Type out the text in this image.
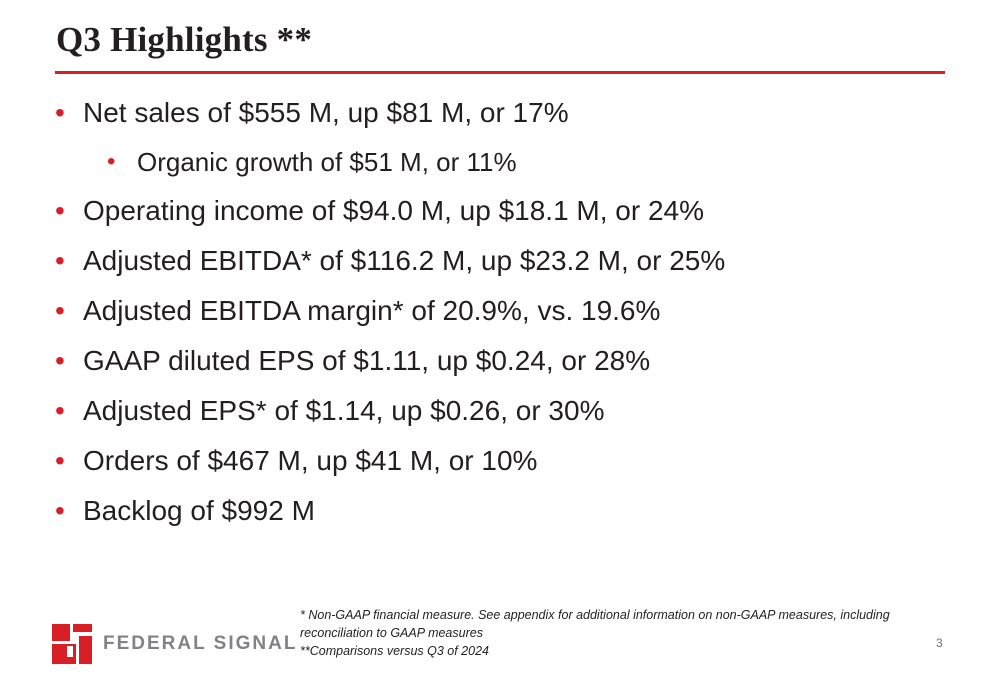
Q3 Highlights **
• Net sales of $555 M, up $81 M, or 17%
• Organic growth of $51 M, or 11%
• Operating income of $94.0 M, up $18.1 M, or 24%
• Adjusted EBITDA* of $116.2 M, up $23.2 M, or 25%
• Adjusted EBITDA margin* of 20.9%, vs. 19.6%
• GAAP diluted EPS of $1.11, up $0.24, or 28%
• Adjusted EPS* of $1.14, up $0.26, or 30%
• Orders of $467 M, up $41 M, or 10%
• Backlog of $992 M
* Non-GAAP financial measure. See appendix for additional information on non-GAAP measures, including reconciliation to GAAP measures
**Comparisons versus Q3 of 2024
3
FEDERAL SIGNAL
